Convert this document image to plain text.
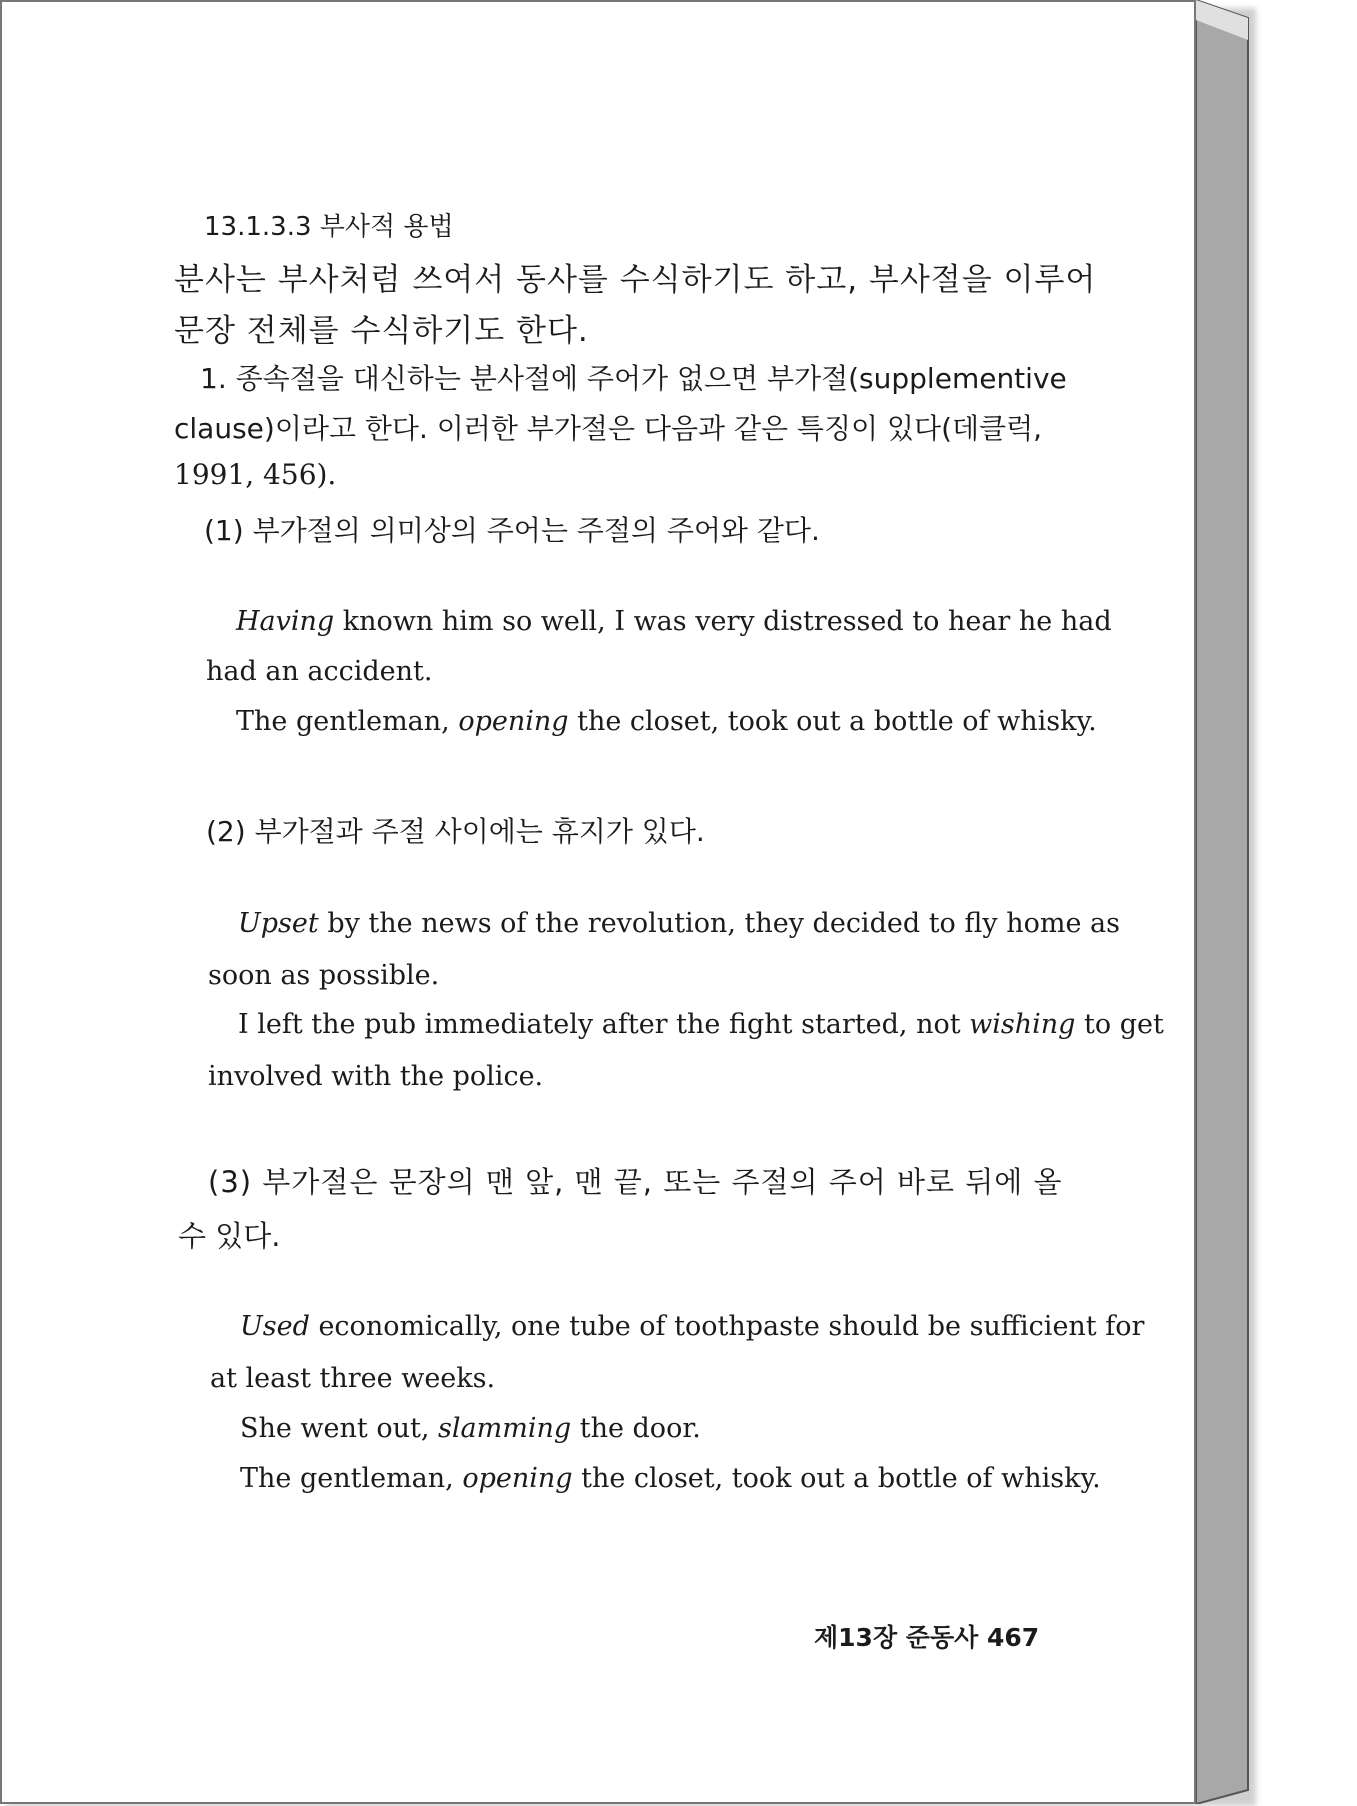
13.1.3.3 부사적 용법
분사는 부사처럼 쓰여서 동사를 수식하기도 하고, 부사절을 이루어
문장 전체를 수식하기도 한다.
1. 종속절을 대신하는 분사절에 주어가 없으면 부가절(supplementive
clause)이라고 한다. 이러한 부가절은 다음과 같은 특징이 있다(데클럭,
1991, 456).
(1) 부가절의 의미상의 주어는 주절의 주어와 같다.
Having known him so well, I was very distressed to hear he had
had an accident.
The gentleman, opening the closet, took out a bottle of whisky.
(2) 부가절과 주절 사이에는 휴지가 있다.
Upset by the news of the revolution, they decided to fly home as
soon as possible.
I left the pub immediately after the fight started, not wishing to get
involved with the police.
(3) 부가절은 문장의 맨 앞, 맨 끝, 또는 주절의 주어 바로 뒤에 올
수 있다.
Used economically, one tube of toothpaste should be sufficient for
at least three weeks.
She went out, slamming the door.
The gentleman, opening the closet, took out a bottle of whisky.
제13장 준동사 467
